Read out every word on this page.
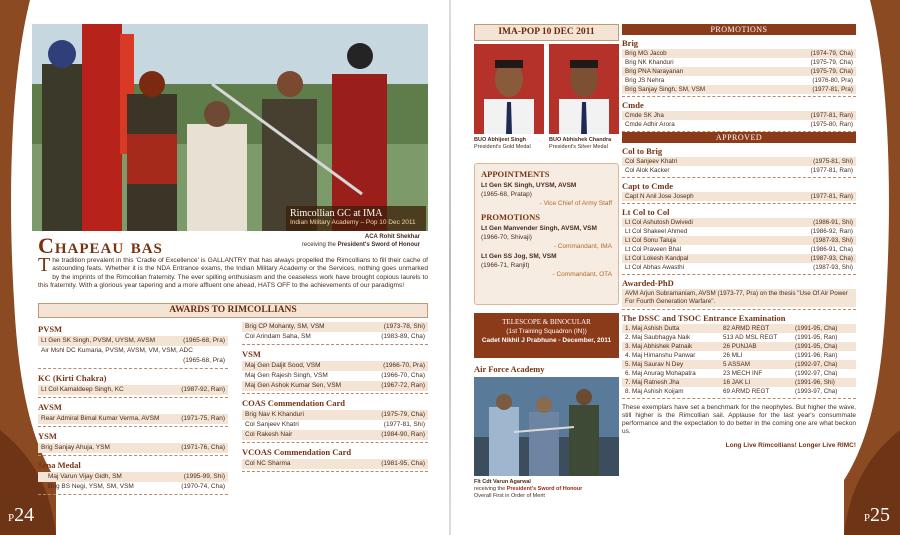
P24	P25
Rimcollian GC at IMA
Indian Military Academy – Pop 10 Dec 2011
Chapeau bas	ACA Rohit Shekhar
receiving the President's Sword of Honour
The tradition prevalent in this 'Cradle of Excellence' is GALLANTRY that has always propelled the Rimcollians to fill their cache of astounding feats. Whether it is the NDA Entrance exams, the Indian Military Academy or the Services, nothing goes unmarked by the imprints of the Rimcollian fraternity. The ever spilling enthusiasm and the ceaseless work have brought copious laurels to this fraternity. With a glorious year tapering and a more affluent one ahead, HATS OFF to the achievements of our paradigms!
AWARDS TO RIMCOLLIANS
PVSM
Lt Gen SK Singh, PVSM, UYSM, AVSM	(1965-68, Pra)
Air Mshl DC Kumaria, PVSM, AVSM, VM, VSM, ADC
(1965-68, Pra)
KC (Kirti Chakra)
Lt Col Kamaldeep Singh, KC	(1987-92, Ran)
AVSM
Rear Admiral Bimal Kumar Verma, AVSM	(1971-75, Ran)
YSM
Brig Sanjay Ahuja, YSM	(1971-76, Cha)
Sena Medal
Maj Varun Vijay Gidh, SM	(1995-99, Shi)
Brig BS Negi, YSM, SM, VSM	(1970-74, Cha)
Brig CP Mohanty, SM, VSM	(1973-78, Shi)
Col Arindam Saha, SM	(1983-89, Cha)
VSM
Maj Gen Daljit Sood, VSM	(1966-70, Pra)
Maj Gen Rajesh Singh, VSM	(1966-70, Cha)
Maj Gen Ashok Kumar Sen, VSM	(1967-72, Ran)
COAS Commendation Card
Brig Nav K Khanduri	(1975-79, Cha)
Col Sanjeev Khatri	(1977-81, Shi)
Col Rakesh Nair	(1984-90, Ran)
VCOAS Commendation Card
Col NC Sharma	(1981-95, Cha)
IMA-POP 10 DEC 2011
BUO Abhijeet Singh
President's Gold Medal
BUO Abhishek Chandra
President's Silver Medal
APPOINTMENTS
Lt Gen SK Singh, UYSM, AVSM
(1965-68, Pratap)
- Vice Chief of Army Staff
PROMOTIONS
Lt Gen Manvender Singh, AVSM, VSM
(1966-70, Shivaji)
- Commandant, IMA
Lt Gen SS Jog, SM, VSM
(1966-71, Ranjit)
- Commandant, OTA
TELESCOPE & BINOCULAR
(1st Training Squadron (IN))
Cadet Nikhil J Prabhune - December, 2011
Air Force Academy
Flt Cdt Varun Agarwal
receiving the President's Sword of Honour
Overall First in Order of Merit
PROMOTIONS
Brig
Brig MG Jacob	(1974-79, Cha)
Brig NK Khanduri	(1975-79, Cha)
Brig PNA Narayanan	(1975-79, Cha)
Brig JS Nehra	(1976-80, Pra)
Brig Sanjay Singh, SM, VSM	(1977-81, Pra)
Cmde
Cmde SK Jha	(1977-81, Ran)
Cmde Adhir Arora	(1975-80, Ran)
APPROVED
Col to Brig
Col Sanjeev Khatri	(1975-81, Shi)
Col Alok Kacker	(1977-81, Ran)
Capt to Cmde
Capt N Anil Jose Joseph	(1977-81, Ran)
Lt Col to Col
Lt Col Ashutosh Dwivedi	(1986-91, Shi)
Lt Col Shakeel Ahmed	(1986-92, Ran)
Lt Col Sonu Taluja	(1987-93, Shi)
Lt Col Praveen Bhal	(1986-91, Cha)
Lt Col Lokesh Kandpal	(1987-93, Cha)
Lt Col Abhas Awasthi	(1987-93, Shi)
Awarded-PhD
AVM Arjun Subramaniam, AVSM (1973-77, Pra) on the thesis "Use Of Air Power For Fourth Generation Warfare".
The DSSC and TSOC Entrance Examination
1. Maj Ashish Dutta	82 ARMD REGT	(1991-95, Cha)
2. Maj Saubhagya Naik	513 AD MSL REGT	(1991-95, Ran)
3. Maj Abhishek Patnaik	26 PUNJAB	(1991-95, Cha)
4. Maj Himanshu Panwar	26 MLI	(1991-96, Ran)
5. Maj Saurav N Dey	5 ASSAM	(1992-97, Cha)
6. Maj Anurag Mohapatra	23 MECH INF	(1992-97, Cha)
7. Maj Ratnesh Jha	16 JAK LI	(1991-96, Shi)
8. Maj Ashish Koijam	69 ARMD REGT	(1993-97, Cha)
These exemplars have set a benchmark for the neophytes. But higher the wave, still higher is the Rimcollian sail. Applause for the last year's consummate performance and the expectation to do better in the coming one are what beckon us.
Long Live Rimcollians! Longer Live RIMC!
